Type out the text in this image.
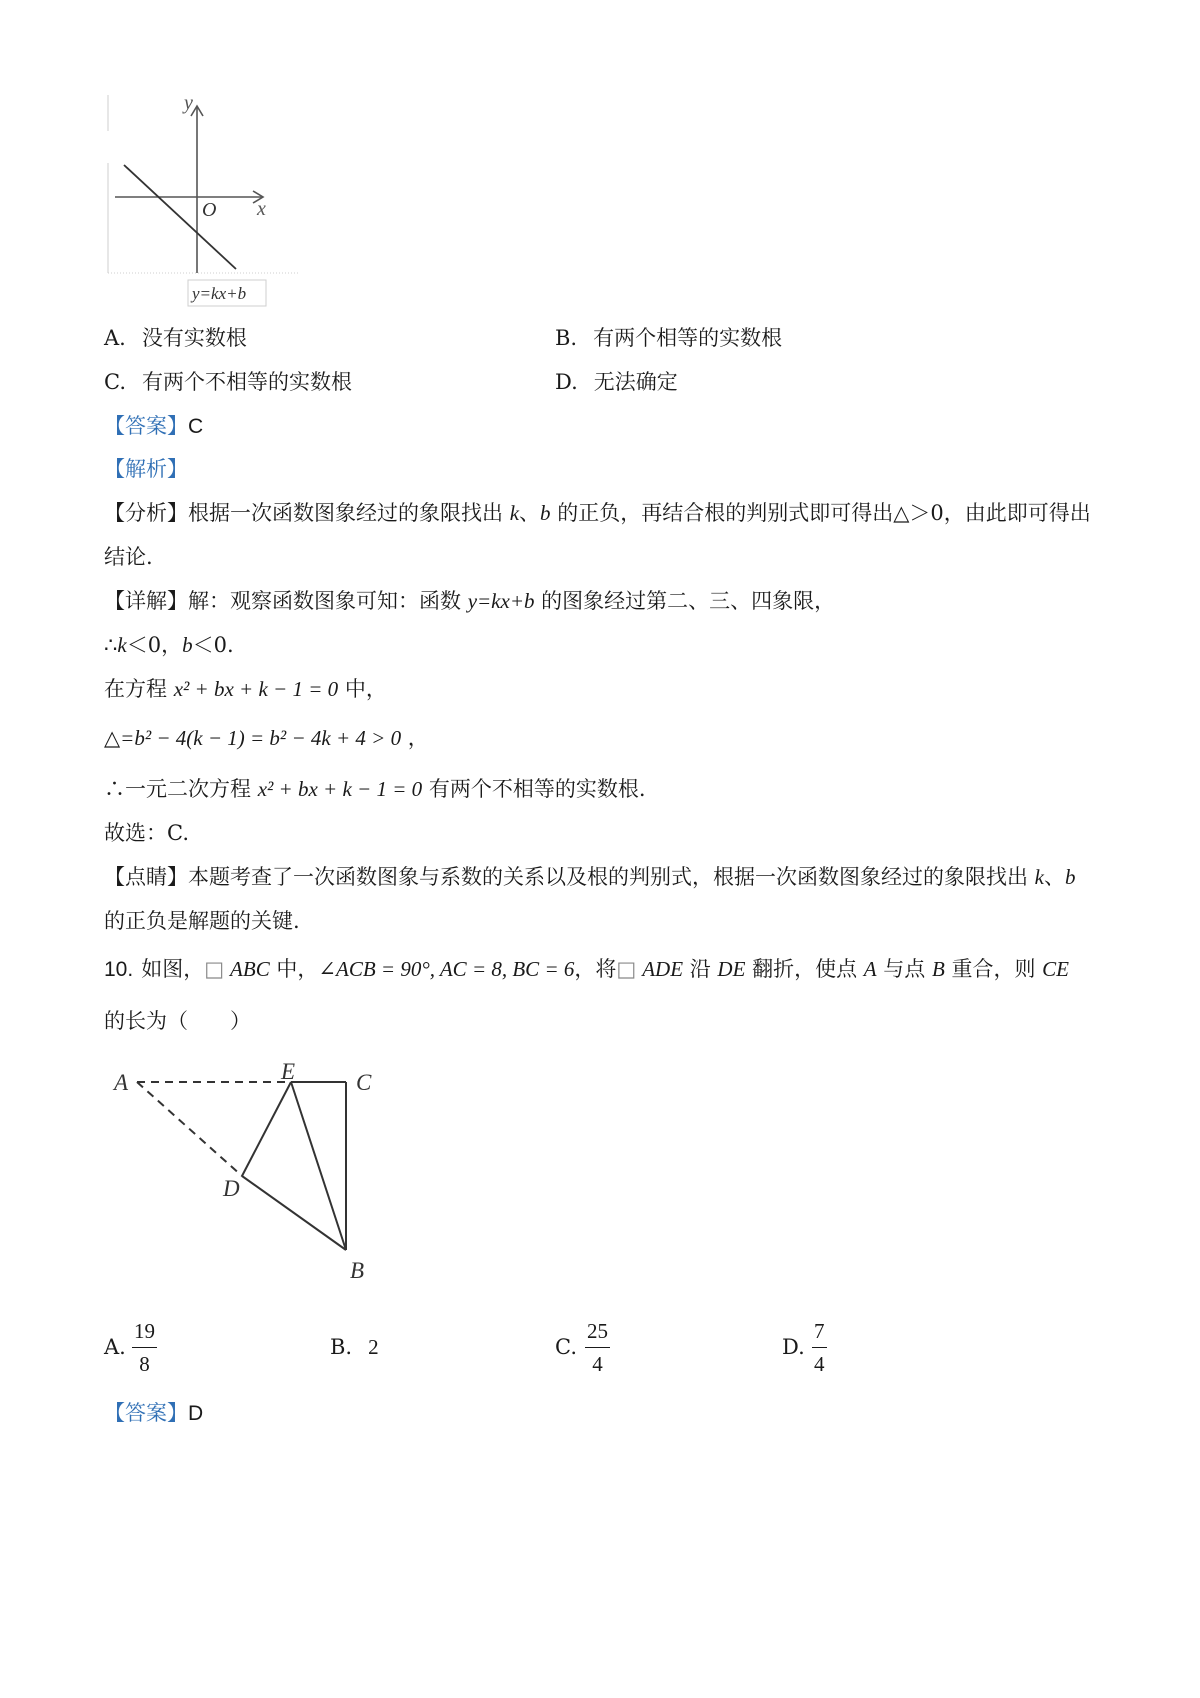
y
x
O
y=kx+b
A. 没有实数根	B. 有两个相等的实数根
C. 有两个不相等的实数根	D. 无法确定
【答案】C
【解析】
【分析】根据一次函数图象经过的象限找出 k、b 的正负，再结合根的判别式即可得出△＞0，由此即可得出
结论.
【详解】解：观察函数图象可知：函数 y=kx+b 的图象经过第二、三、四象限，
∴k＜0，b＜0.
在方程 x² + bx + k − 1 = 0 中，
△=b² − 4(k − 1) = b² − 4k + 4 > 0 ，
∴一元二次方程 x² + bx + k − 1 = 0 有两个不相等的实数根.
故选：C.
【点睛】本题考查了一次函数图象与系数的关系以及根的判别式，根据一次函数图象经过的象限找出 k、b
的正负是解题的关键.
10. 如图，□ ABC 中，∠ACB = 90°, AC = 8, BC = 6，将□ ADE 沿 DE 翻折，使点 A 与点 B 重合，则 CE
的长为（　　）
A	E	C
D
B
A.
19
8
B. 2	C.
25
4
D.
7
4
【答案】D
